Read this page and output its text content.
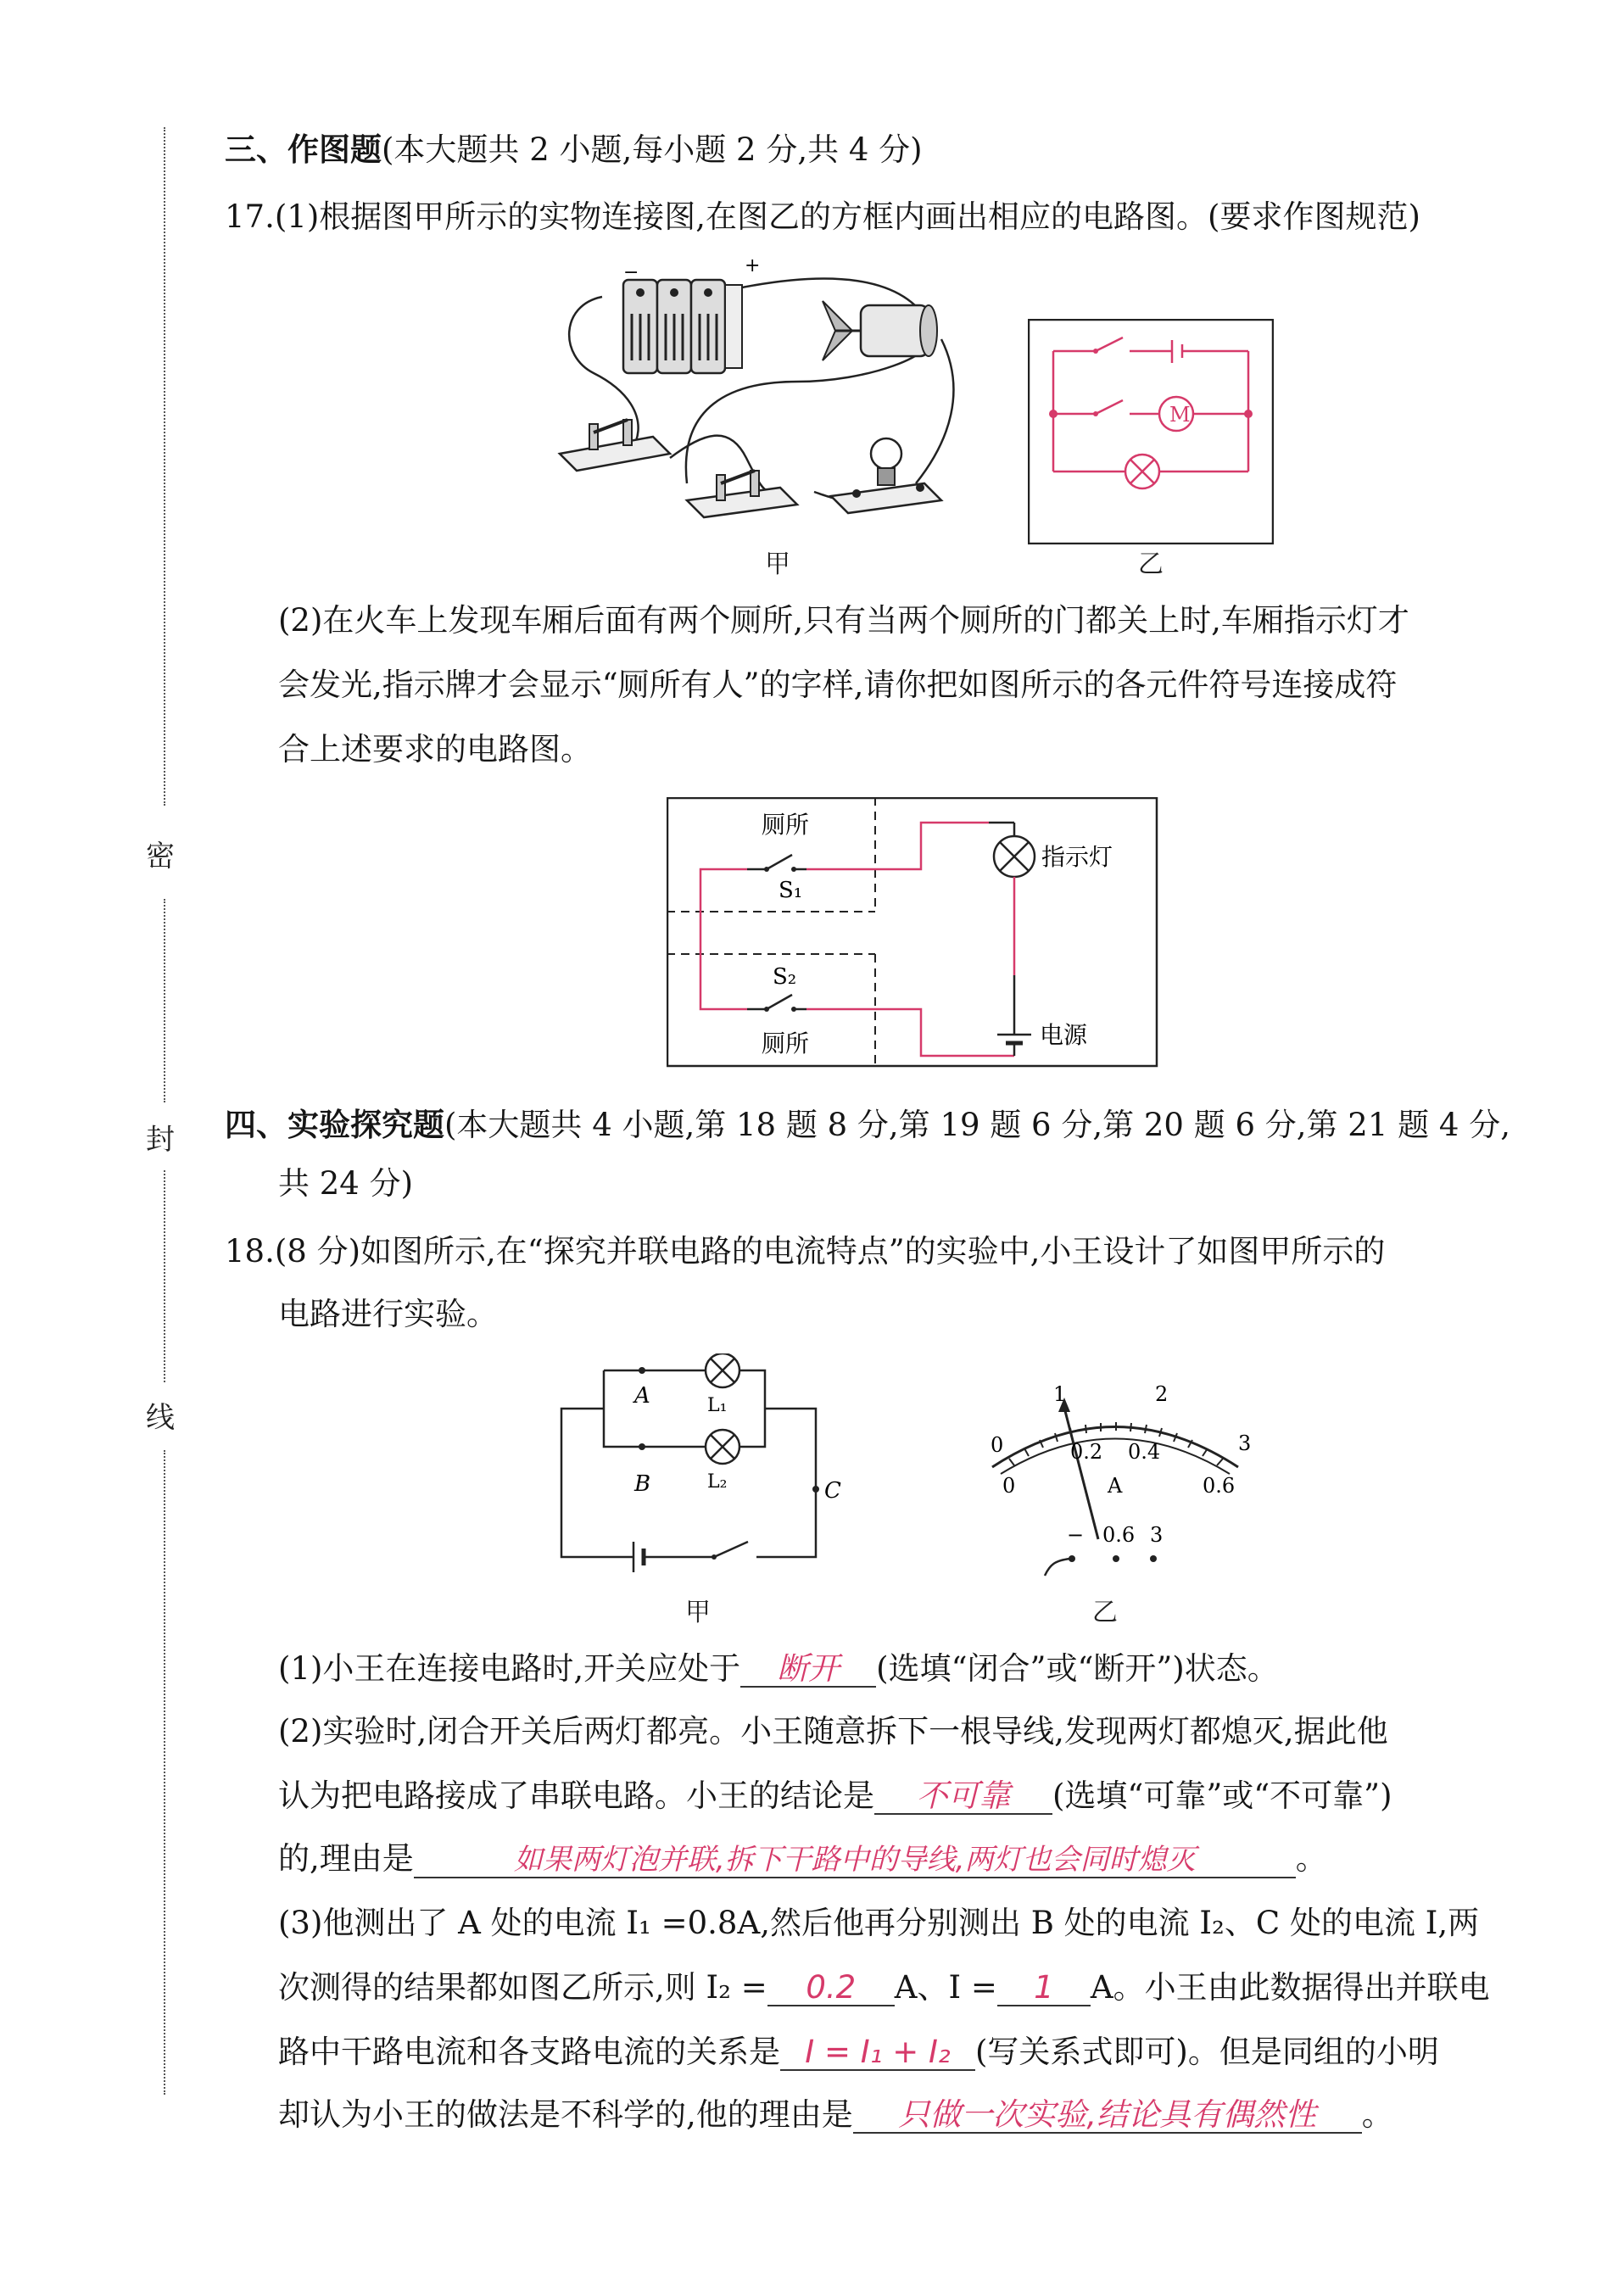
密
封
线
三、作图题(本大题共 2 小题,每小题 2 分,共 4 分)
17.(1)根据图甲所示的实物连接图,在图乙的方框内画出相应的电路图。(要求作图规范)
−	+
甲
M
乙
(2)在火车上发现车厢后面有两个厕所,只有当两个厕所的门都关上时,车厢指示灯才
会发光,指示牌才会显示“厕所有人”的字样,请你把如图所示的各元件符号连接成符
合上述要求的电路图。
厕所
S₁
S₂
厕所
指示灯
电源
四、实验探究题(本大题共 4 小题,第 18 题 8 分,第 19 题 6 分,第 20 题 6 分,第 21 题 4 分,
共 24 分)
18.(8 分)如图所示,在“探究并联电路的电流特点”的实验中,小王设计了如图甲所示的
电路进行实验。
A
B	C
L₁
L₂
甲
0
1	2
3
0
0.2 0.4
0.6
A
− 0.6 3
乙
(1)小王在连接电路时,开关应处于 断开 (选填“闭合”或“断开”)状态。
(2)实验时,闭合开关后两灯都亮。小王随意拆下一根导线,发现两灯都熄灭,据此他
认为把电路接成了串联电路。小王的结论是 不可靠 (选填“可靠”或“不可靠”)
的,理由是	如果两灯泡并联,拆下干路中的导线,两灯也会同时熄灭	。
(3)他测出了 A 处的电流 I₁ =0.8A,然后他再分别测出 B 处的电流 I₂、C 处的电流 I,两
次测得的结果都如图乙所示,则 I₂ = 0.2 A、I = 1 A。小王由此数据得出并联电
路中干路电流和各支路电流的关系是 I = I₁ + I₂ (写关系式即可)。但是同组的小明
却认为小王的做法是不科学的,他的理由是 只做一次实验,结论具有偶然性 。
